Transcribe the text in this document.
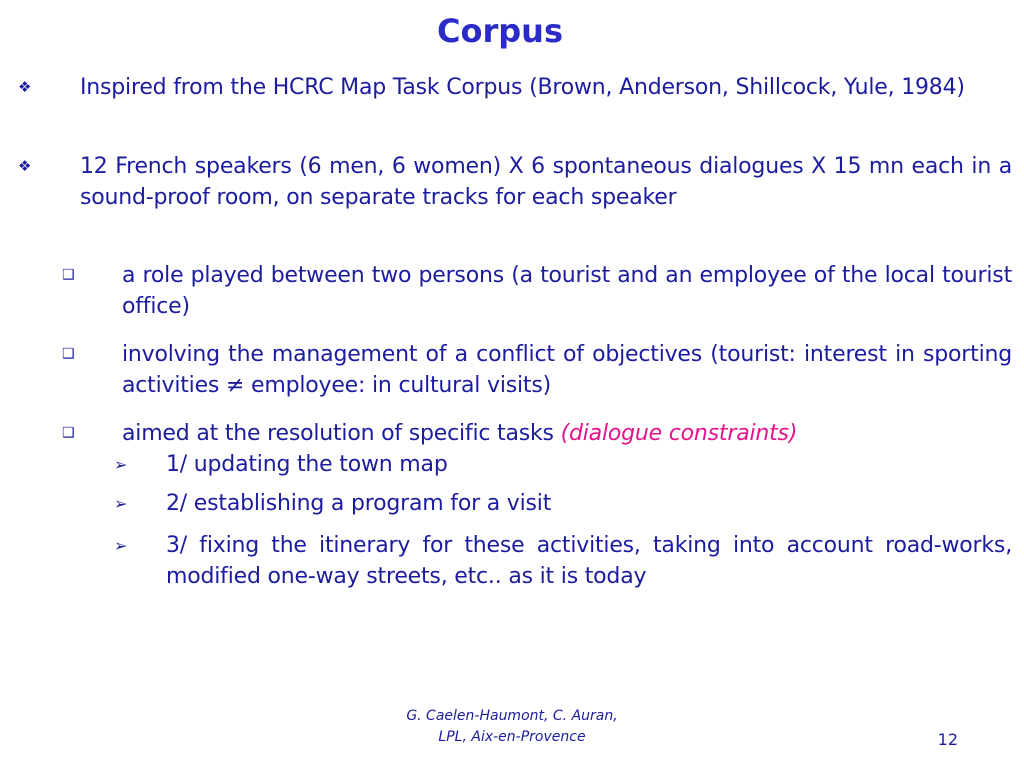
Corpus
❖ Inspired from the HCRC Map Task Corpus (Brown, Anderson, Shillcock, Yule, 1984)
❖ 12 French speakers (6 men, 6 women) X 6 spontaneous dialogues X 15 mn each in a sound-proof room, on separate tracks for each speaker
❑ a role played between two persons (a tourist and an employee of the local tourist office)
❑ involving the management of a conflict of objectives (tourist: interest in sporting activities ≠ employee: in cultural visits)
❑ aimed at the resolution of specific tasks (dialogue constraints)
➢ 1/ updating the town map
➢ 2/ establishing a program for a visit
➢ 3/ fixing the itinerary for these activities, taking into account road-works, modified one-way streets, etc.. as it is today
G. Caelen-Haumont, C. Auran,
LPL, Aix-en-Provence	12
